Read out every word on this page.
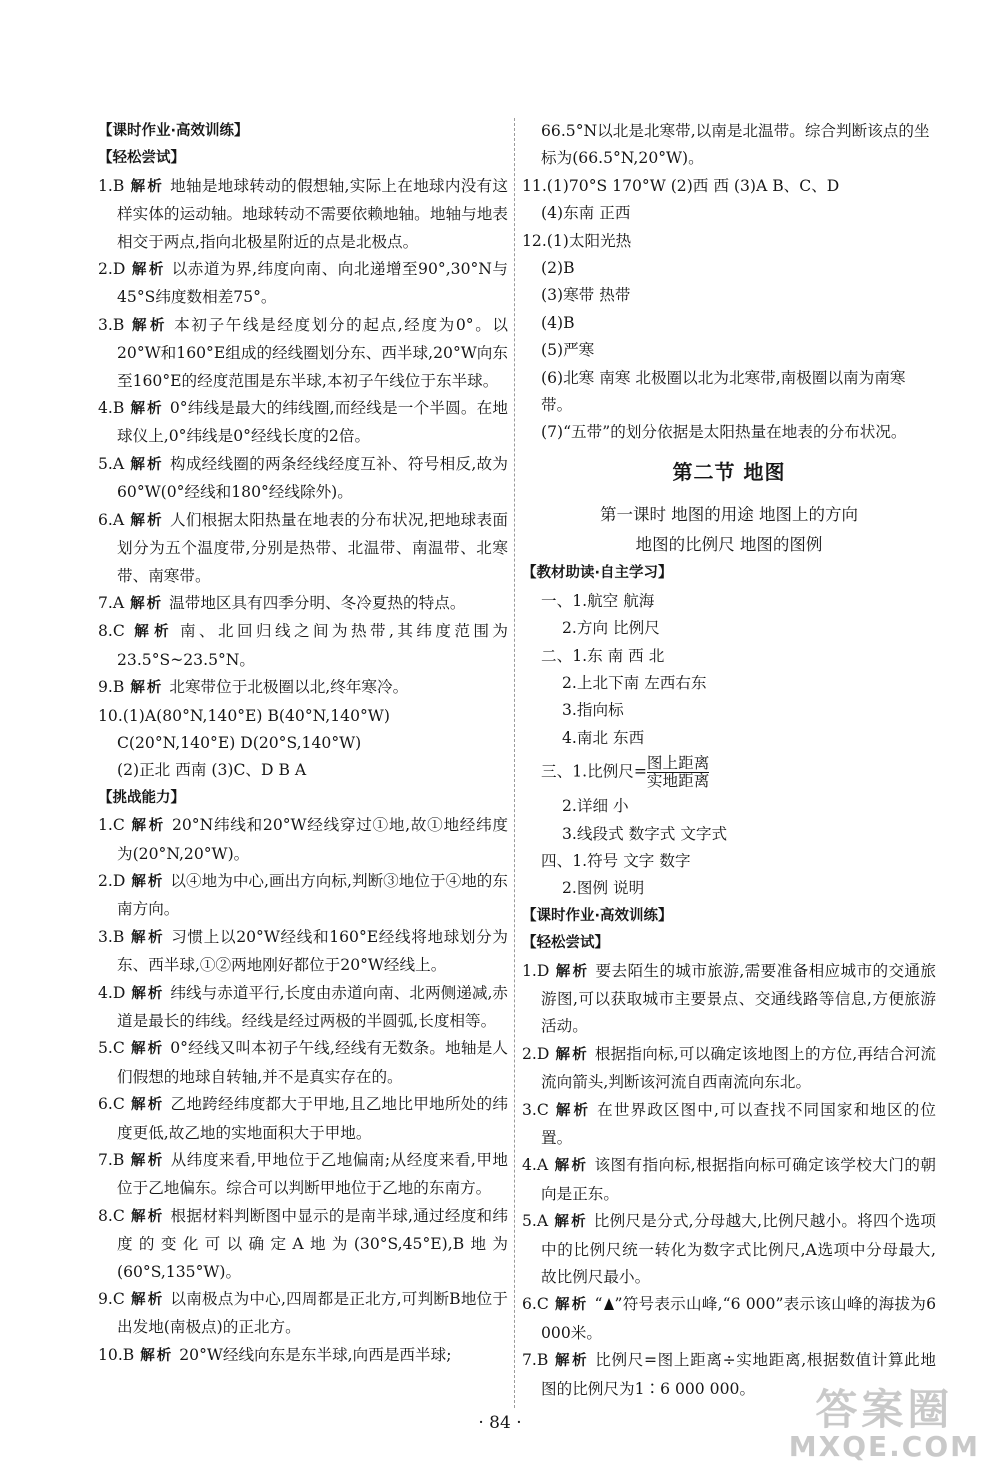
【课时作业·高效训练】
【轻松尝试】
1.B 解析 地轴是地球转动的假想轴,实际上在地球内没有这样实体的运动轴。地球转动不需要依赖地轴。地轴与地表相交于两点,指向北极星附近的点是北极点。
2.D 解析 以赤道为界,纬度向南、向北递增至90°,30°N与45°S纬度数相差75°。
3.B 解析 本初子午线是经度划分的起点,经度为0°。以20°W和160°E组成的经线圈划分东、西半球,20°W向东至160°E的经度范围是东半球,本初子午线位于东半球。
4.B 解析 0°纬线是最大的纬线圈,而经线是一个半圆。在地球仪上,0°纬线是0°经线长度的2倍。
5.A 解析 构成经线圈的两条经线经度互补、符号相反,故为60°W(0°经线和180°经线除外)。
6.A 解析 人们根据太阳热量在地表的分布状况,把地球表面划分为五个温度带,分别是热带、北温带、南温带、北寒带、南寒带。
7.A 解析 温带地区具有四季分明、冬冷夏热的特点。
8.C 解析 南、北回归线之间为热带,其纬度范围为23.5°S~23.5°N。
9.B 解析 北寒带位于北极圈以北,终年寒冷。
10.(1)A(80°N,140°E) B(40°N,140°W)
C(20°N,140°E) D(20°S,140°W)
(2)正北 西南 (3)C、D B A
【挑战能力】
1.C 解析 20°N纬线和20°W经线穿过①地,故①地经纬度为(20°N,20°W)。
2.D 解析 以④地为中心,画出方向标,判断③地位于④地的东南方向。
3.B 解析 习惯上以20°W经线和160°E经线将地球划分为东、西半球,①②两地刚好都位于20°W经线上。
4.D 解析 纬线与赤道平行,长度由赤道向南、北两侧递减,赤道是最长的纬线。经线是经过两极的半圆弧,长度相等。
5.C 解析 0°经线又叫本初子午线,经线有无数条。地轴是人们假想的地球自转轴,并不是真实存在的。
6.C 解析 乙地跨经纬度都大于甲地,且乙地比甲地所处的纬度更低,故乙地的实地面积大于甲地。
7.B 解析 从纬度来看,甲地位于乙地偏南;从经度来看,甲地位于乙地偏东。综合可以判断甲地位于乙地的东南方。
8.C 解析 根据材料判断图中显示的是南半球,通过经度和纬度的变化可以确定A地为(30°S,45°E),B地为(60°S,135°W)。
9.C 解析 以南极点为中心,四周都是正北方,可判断B地位于出发地(南极点)的正北方。
10.B 解析 20°W经线向东是东半球,向西是西半球;
66.5°N以北是北寒带,以南是北温带。综合判断该点的坐标为(66.5°N,20°W)。
11.(1)70°S 170°W (2)西 西 (3)A B、C、D
(4)东南 正西
12.(1)太阳光热
(2)B
(3)寒带 热带
(4)B
(5)严寒
(6)北寒 南寒 北极圈以北为北寒带,南极圈以南为南寒带。
(7)“五带”的划分依据是太阳热量在地表的分布状况。
第二节 地图
第一课时 地图的用途 地图上的方向
地图的比例尺 地图的图例
【教材助读·自主学习】
一、1.航空 航海
2.方向 比例尺
二、1.东 南 西 北
2.上北下南 左西右东
3.指向标
4.南北 东西
三、1.比例尺= $\frac{\text{图上距离}}{\text{实地距离}}$
2.详细 小
3.线段式 数字式 文字式
四、1.符号 文字 数字
2.图例 说明
【课时作业·高效训练】
【轻松尝试】
1.D 解析 要去陌生的城市旅游,需要准备相应城市的交通旅游图,可以获取城市主要景点、交通线路等信息,方便旅游活动。
2.D 解析 根据指向标,可以确定该地图上的方位,再结合河流流向箭头,判断该河流自西南流向东北。
3.C 解析 在世界政区图中,可以查找不同国家和地区的位置。
4.A 解析 该图有指向标,根据指向标可确定该学校大门的朝向是正东。
5.A 解析 比例尺是分式,分母越大,比例尺越小。将四个选项中的比例尺统一转化为数字式比例尺,A选项中分母最大,故比例尺最小。
6.C 解析 “ ”符号表示山峰,“6 000”表示该山峰的海拔为6 000米。
7.B 解析 比例尺=图上距离÷实地距离,根据数值计算此地图的比例尺为1∶6 000 000。
· 84 ·	答案圈
MXQE.COM
